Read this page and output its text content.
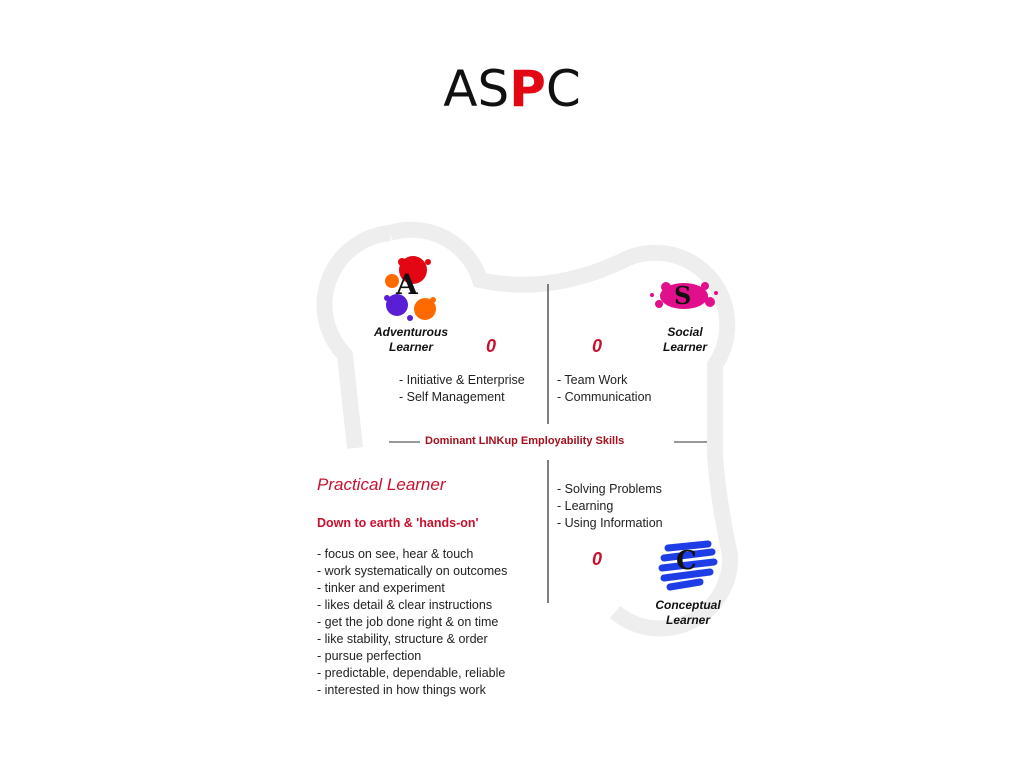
ASPC
A	S
C
Adventurous
Learner	0
- Initiative & Enterprise
- Self Management
0
Social
Learner
- Team Work
- Communication
Dominant LINKup Employability Skills
- Solving Problems
- Learning
- Using Information
0
Conceptual
Learner
Practical Learner
Down to earth & 'hands-on'
- focus on see, hear & touch
- work systematically on outcomes
- tinker and experiment
- likes detail & clear instructions
- get the job done right & on time
- like stability, structure & order
- pursue perfection
- predictable, dependable, reliable
- interested in how things work
